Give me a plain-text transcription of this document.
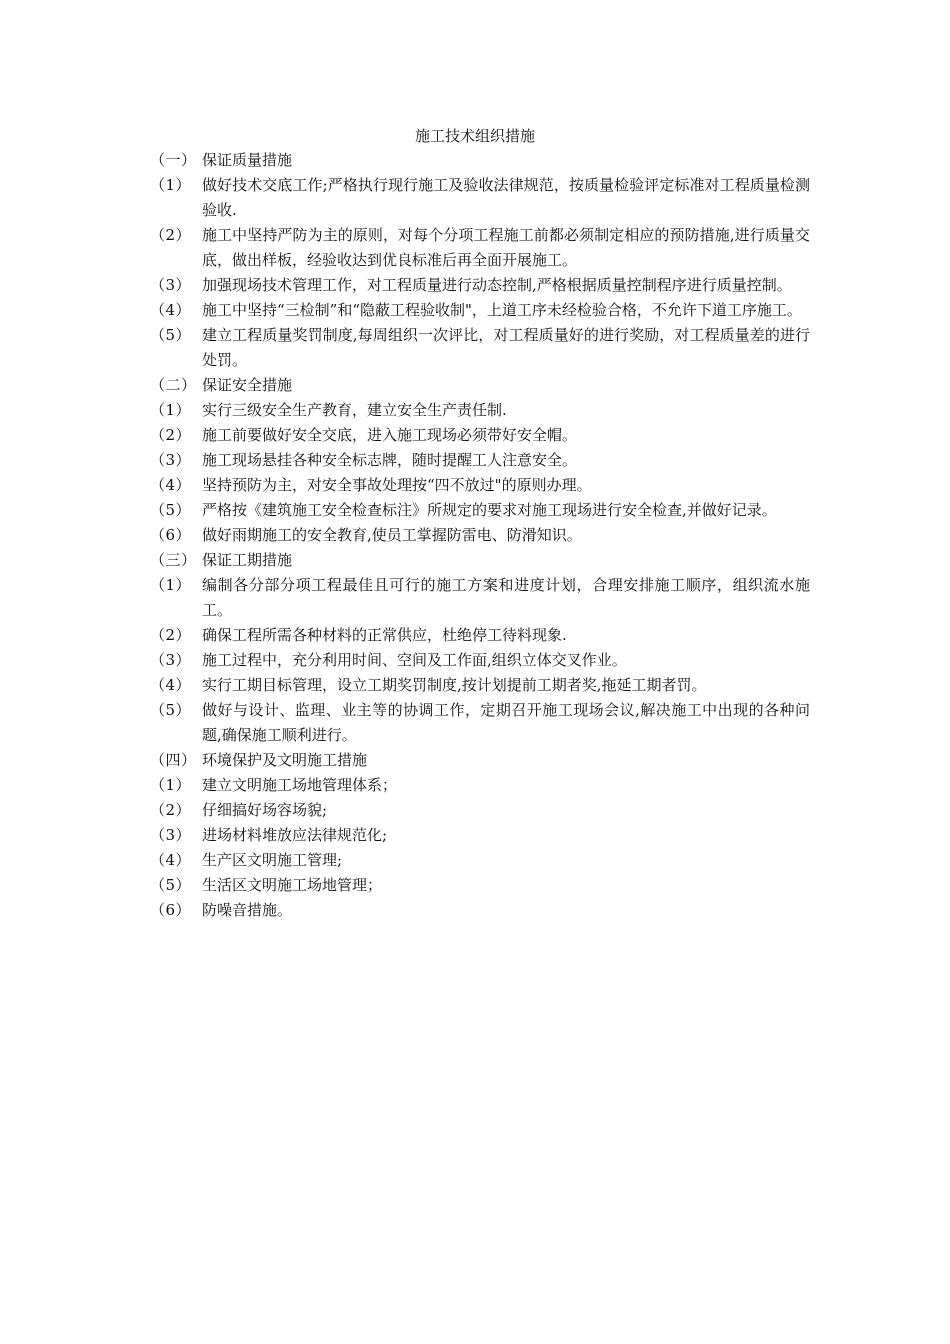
施工技术组织措施
（一） 保证质量措施
（1） 做好技术交底工作;严格执行现行施工及验收法律规范，按质量检验评定标准对工程质量检测验收.
（2） 施工中坚持严防为主的原则，对每个分项工程施工前都必须制定相应的预防措施,进行质量交底，做出样板，经验收达到优良标准后再全面开展施工。
（3） 加强现场技术管理工作，对工程质量进行动态控制,严格根据质量控制程序进行质量控制。
（4） 施工中坚持“三检制”和“隐蔽工程验收制"，上道工序未经检验合格，不允许下道工序施工。
（5） 建立工程质量奖罚制度,每周组织一次评比，对工程质量好的进行奖励，对工程质量差的进行处罚。
（二） 保证安全措施
（1） 实行三级安全生产教育，建立安全生产责任制.
（2） 施工前要做好安全交底，进入施工现场必须带好安全帽。
（3） 施工现场悬挂各种安全标志牌，随时提醒工人注意安全。
（4） 坚持预防为主，对安全事故处理按“四不放过"的原则办理。
（5） 严格按《建筑施工安全检查标注》所规定的要求对施工现场进行安全检查,并做好记录。
（6） 做好雨期施工的安全教育,使员工掌握防雷电、防滑知识。
（三） 保证工期措施
（1） 编制各分部分项工程最佳且可行的施工方案和进度计划，合理安排施工顺序，组织流水施工。
（2） 确保工程所需各种材料的正常供应，杜绝停工待料现象.
（3） 施工过程中，充分利用时间、空间及工作面,组织立体交叉作业。
（4） 实行工期目标管理，设立工期奖罚制度,按计划提前工期者奖,拖延工期者罚。
（5） 做好与设计、监理、业主等的协调工作，定期召开施工现场会议,解决施工中出现的各种问题,确保施工顺利进行。
（四） 环境保护及文明施工措施
（1） 建立文明施工场地管理体系；
（2） 仔细搞好场容场貌;
（3） 进场材料堆放应法律规范化;
（4） 生产区文明施工管理;
（5） 生活区文明施工场地管理；
（6） 防噪音措施。
